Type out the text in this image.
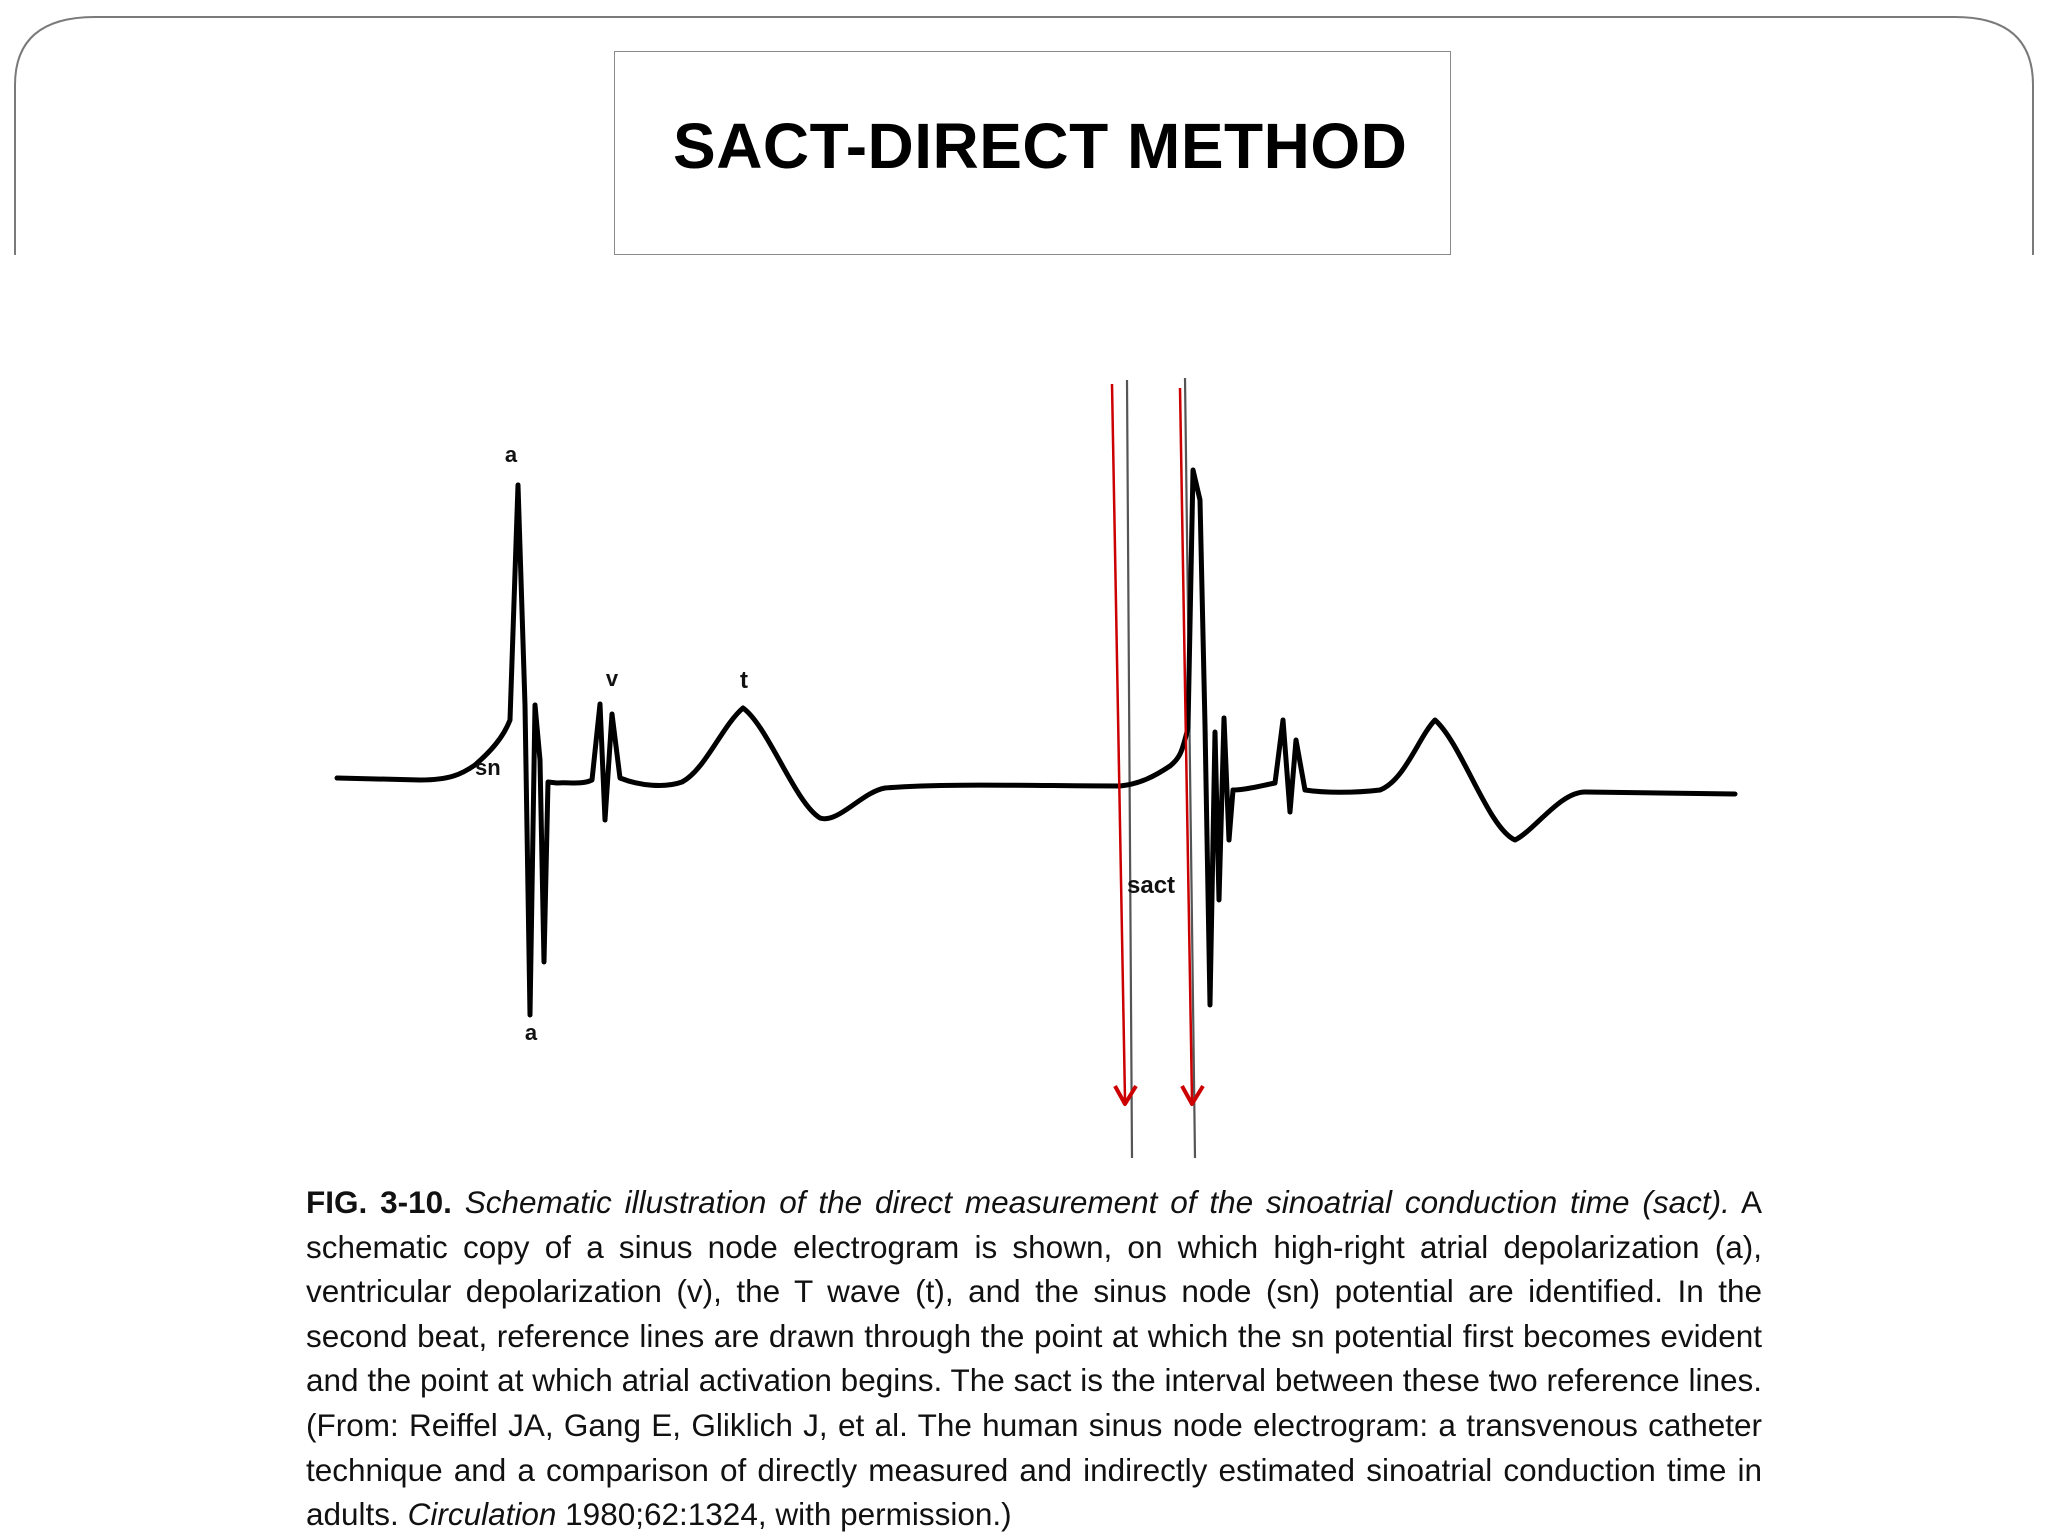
SACT-DIRECT METHOD
a
a
v	t
sn
sact
FIG. 3-10. Schematic illustration of the direct measurement of the sinoatrial conduction time (sact). A schematic copy of a sinus node electrogram is shown, on which high-right atrial depolarization (a), ventricular depolarization (v), the T wave (t), and the sinus node (sn) potential are identified. In the second beat, reference lines are drawn through the point at which the sn potential first becomes evident and the point at which atrial activation begins. The sact is the interval between these two reference lines. (From: Reiffel JA, Gang E, Gliklich J, et al. The human sinus node electrogram: a transvenous catheter technique and a comparison of directly measured and indirectly estimated sinoatrial conduction time in adults. Circulation 1980;62:1324, with permission.)
